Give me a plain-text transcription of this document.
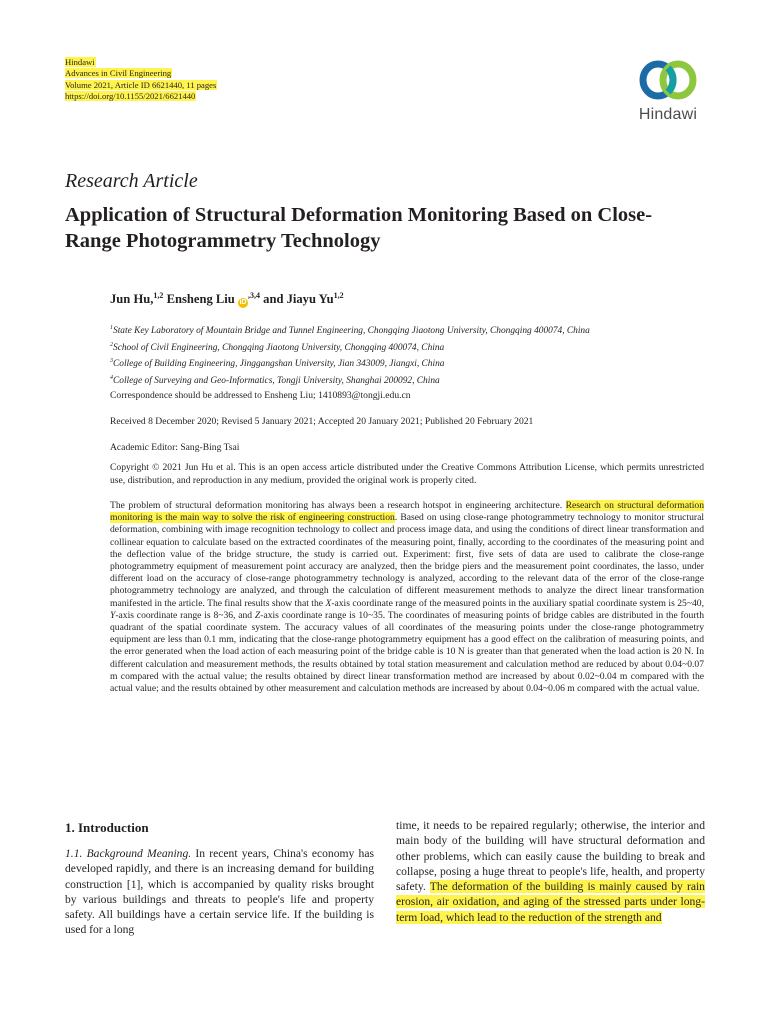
Hindawi
Advances in Civil Engineering
Volume 2021, Article ID 6621440, 11 pages
https://doi.org/10.1155/2021/6621440
Hindawi
Research Article
Application of Structural Deformation Monitoring Based on Close-Range Photogrammetry Technology
Jun Hu,$^{1,2}$ Ensheng Liu $iD^{,3,4}$ and Jiayu Yu$^{1,2}$
$^1$State Key Laboratory of Mountain Bridge and Tunnel Engineering, Chongqing Jiaotong University, Chongqing 400074, China
$^2$School of Civil Engineering, Chongqing Jiaotong University, Chongqing 400074, China
$^3$College of Building Engineering, Jinggangshan University, Jian 343009, Jiangxi, China
$^4$College of Surveying and Geo-Informatics, Tongji University, Shanghai 200092, China
Correspondence should be addressed to Ensheng Liu; 1410893@tongji.edu.cn
Received 8 December 2020; Revised 5 January 2021; Accepted 20 January 2021; Published 20 February 2021
Academic Editor: Sang-Bing Tsai
Copyright © 2021 Jun Hu et al. This is an open access article distributed under the Creative Commons Attribution License, which permits unrestricted use, distribution, and reproduction in any medium, provided the original work is properly cited.
The problem of structural deformation monitoring has always been a research hotspot in engineering architecture. Research on structural deformation monitoring is the main way to solve the risk of engineering construction. Based on using close-range photogrammetry technology to monitor structural deformation, combining with image recognition technology to collect and process image data, and using the conditions of direct linear transformation and collinear equation to calculate based on the extracted coordinates of the measuring point, finally, according to the coordinates of the measuring point and the deflection value of the bridge structure, the study is carried out. Experiment: first, five sets of data are used to calibrate the close-range photogrammetry equipment of measurement point accuracy are analyzed, then the bridge piers and the measurement point coordinates, the lasso, under different load on the accuracy of close-range photogrammetry technology is analyzed, according to the relevant data of the error of the close-range photogrammetry technology are analyzed, and through the calculation of different measurement methods to analyze the direct linear transformation manifested in the article. The final results show that the X-axis coordinate range of the measured points in the auxiliary spatial coordinate system is 25~40, Y-axis coordinate range is 8~36, and Z-axis coordinate range is 10~35. The coordinates of measuring points of bridge cables are distributed in the fourth quadrant of the spatial coordinate system. The accuracy values of all coordinates of the measuring points under the close-range photogrammetry equipment are less than 0.1 mm, indicating that the close-range photogrammetry equipment has a good effect on the calibration of measuring points, and the error generated when the load action of each measuring point of the bridge cable is 10 N is greater than that generated when the load action is 20 N. In different calculation and measurement methods, the results obtained by total station measurement and calculation method are reduced by about 0.04~0.07 m compared with the actual value; the results obtained by direct linear transformation method are increased by about 0.02~0.04 m compared with the actual value; and the results obtained by other measurement and calculation methods are increased by about 0.04~0.06 m compared with the actual value.
1. Introduction
1.1. Background Meaning. In recent years, China's economy has developed rapidly, and there is an increasing demand for building construction [1], which is accompanied by quality risks brought by various buildings and threats to people's life and property safety. All buildings have a certain service life. If the building is used for a long
time, it needs to be repaired regularly; otherwise, the interior and main body of the building will have structural deformation and other problems, which can easily cause the building to break and collapse, posing a huge threat to people's life, health, and property safety. The deformation of the building is mainly caused by rain erosion, air oxidation, and aging of the stressed parts under long-term load, which lead to the reduction of the strength and
